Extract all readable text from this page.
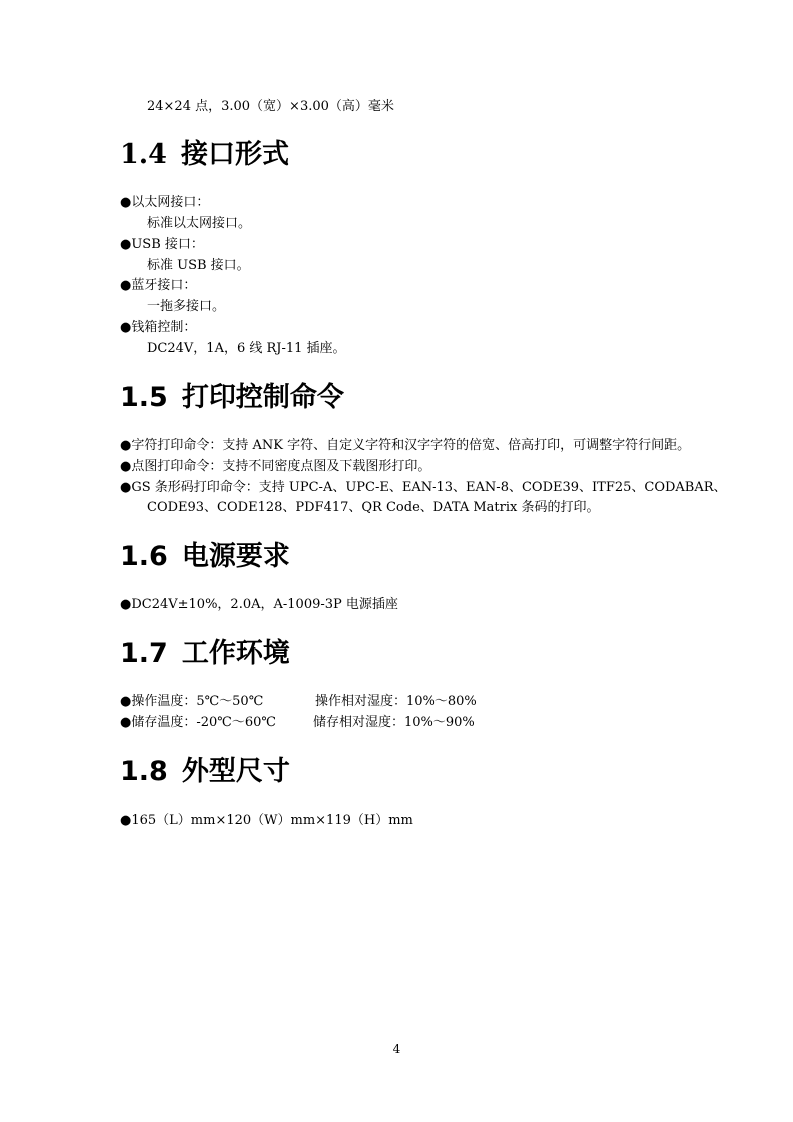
24×24 点，3.00（宽）×3.00（高）毫米
1.4 接口形式
●以太网接口：
标准以太网接口。
●USB 接口：
标准 USB 接口。
●蓝牙接口：
一拖多接口。
●钱箱控制：
DC24V，1A，6 线 RJ-11 插座。
1.5 打印控制命令
●字符打印命令：支持 ANK 字符、自定义字符和汉字字符的倍宽、倍高打印，可调整字符行间距。
●点图打印命令：支持不同密度点图及下载图形打印。
●GS 条形码打印命令：支持 UPC-A、UPC-E、EAN-13、EAN-8、CODE39、ITF25、CODABAR、
CODE93、CODE128、PDF417、QR Code、DATA Matrix 条码的打印。
1.6 电源要求
●DC24V±10%，2.0A，A-1009-3P 电源插座
1.7 工作环境
●操作温度：5℃～50℃	操作相对湿度：10%～80%
●储存温度：-20℃～60℃	储存相对湿度：10%～90%
1.8 外型尺寸
●165（L）mm×120（W）mm×119（H）mm
4
